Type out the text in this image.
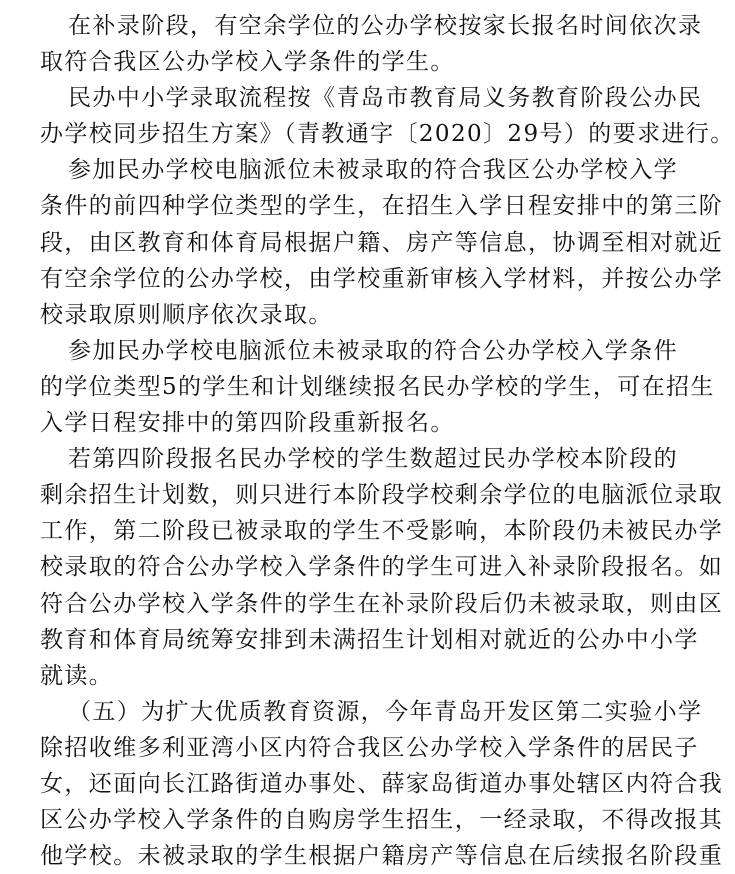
在补录阶段，有空余学位的公办学校按家长报名时间依次录
取符合我区公办学校入学条件的学生。
民办中小学录取流程按《青岛市教育局义务教育阶段公办民
办学校同步招生方案》（青教通字〔2020〕29号）的要求进行。
参加民办学校电脑派位未被录取的符合我区公办学校入学
条件的前四种学位类型的学生，在招生入学日程安排中的第三阶
段，由区教育和体育局根据户籍、房产等信息，协调至相对就近
有空余学位的公办学校，由学校重新审核入学材料，并按公办学
校录取原则顺序依次录取。
参加民办学校电脑派位未被录取的符合公办学校入学条件
的学位类型5的学生和计划继续报名民办学校的学生，可在招生
入学日程安排中的第四阶段重新报名。
若第四阶段报名民办学校的学生数超过民办学校本阶段的
剩余招生计划数，则只进行本阶段学校剩余学位的电脑派位录取
工作，第二阶段已被录取的学生不受影响，本阶段仍未被民办学
校录取的符合公办学校入学条件的学生可进入补录阶段报名。如
符合公办学校入学条件的学生在补录阶段后仍未被录取，则由区
教育和体育局统筹安排到未满招生计划相对就近的公办中小学
就读。
（五）为扩大优质教育资源，今年青岛开发区第二实验小学
除招收维多利亚湾小区内符合我区公办学校入学条件的居民子
女，还面向长江路街道办事处、薛家岛街道办事处辖区内符合我
区公办学校入学条件的自购房学生招生，一经录取，不得改报其
他学校。未被录取的学生根据户籍房产等信息在后续报名阶段重
